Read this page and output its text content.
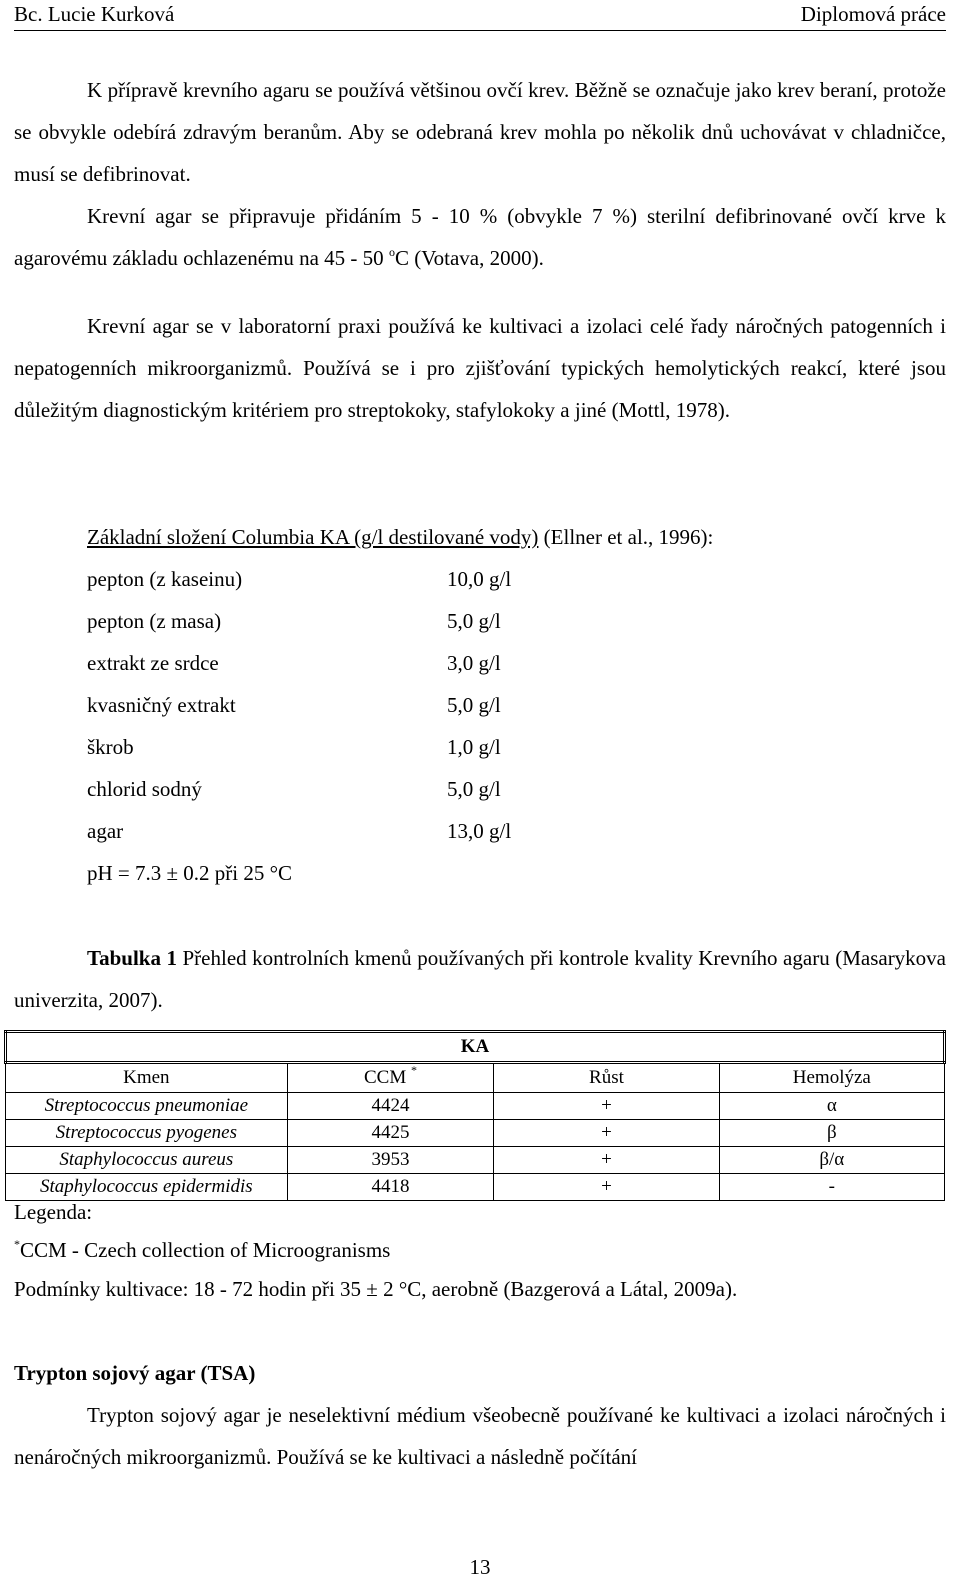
Bc. Lucie Kurková	Diplomová práce

K přípravě krevního agaru se používá většinou ovčí krev. Běžně se označuje jako krev beraní, protože se obvykle odebírá zdravým beranům. Aby se odebraná krev mohla po několik dnů uchovávat v chladničce, musí se defibrinovat.

Krevní agar se připravuje přidáním 5 - 10 % (obvykle 7 %) sterilní defibrinované ovčí krve k agarovému základu ochlazenému na 45 - 50 $^o$C (Votava, 2000).

Krevní agar se v laboratorní praxi používá ke kultivaci a izolaci celé řady náročných patogenních i nepatogenních mikroorganizmů. Používá se i pro zjišťování typických hemolytických reakcí, které jsou důležitým diagnostickým kritériem pro streptokoky, stafylokoky a jiné (Mottl, 1978).

Základní složení Columbia KA (g/l destilované vody) (Ellner et al., 1996):
pepton (z kaseinu)	10,0 g/l
pepton (z masa)	5,0 g/l
extrakt ze srdce	3,0 g/l
kvasničný extrakt	5,0 g/l
škrob	1,0 g/l
chlorid sodný	5,0 g/l
agar	13,0 g/l
pH = 7.3 ± 0.2 při 25 °C

Tabulka 1 Přehled kontrolních kmenů používaných při kontrole kvality Krevního agaru (Masarykova univerzita, 2007).

KA			
Kmen	CCM *	Růst	Hemolýza
Streptococcus pneumoniae	4424	+	α
Streptococcus pyogenes	4425	+	β
Staphylococcus aureus	3953	+	β/α
Staphylococcus epidermidis	4418	+	-
Legenda:
*CCM - Czech collection of Microogranisms
Podmínky kultivace: 18 - 72 hodin při 35 ± 2 °C, aerobně (Bazgerová a Látal, 2009a).
Trypton sojový agar (TSA)

Trypton sojový agar je neselektivní médium všeobecně používané ke kultivaci a izolaci náročných i nenáročných mikroorganizmů. Používá se ke kultivaci a následně počítání

13
